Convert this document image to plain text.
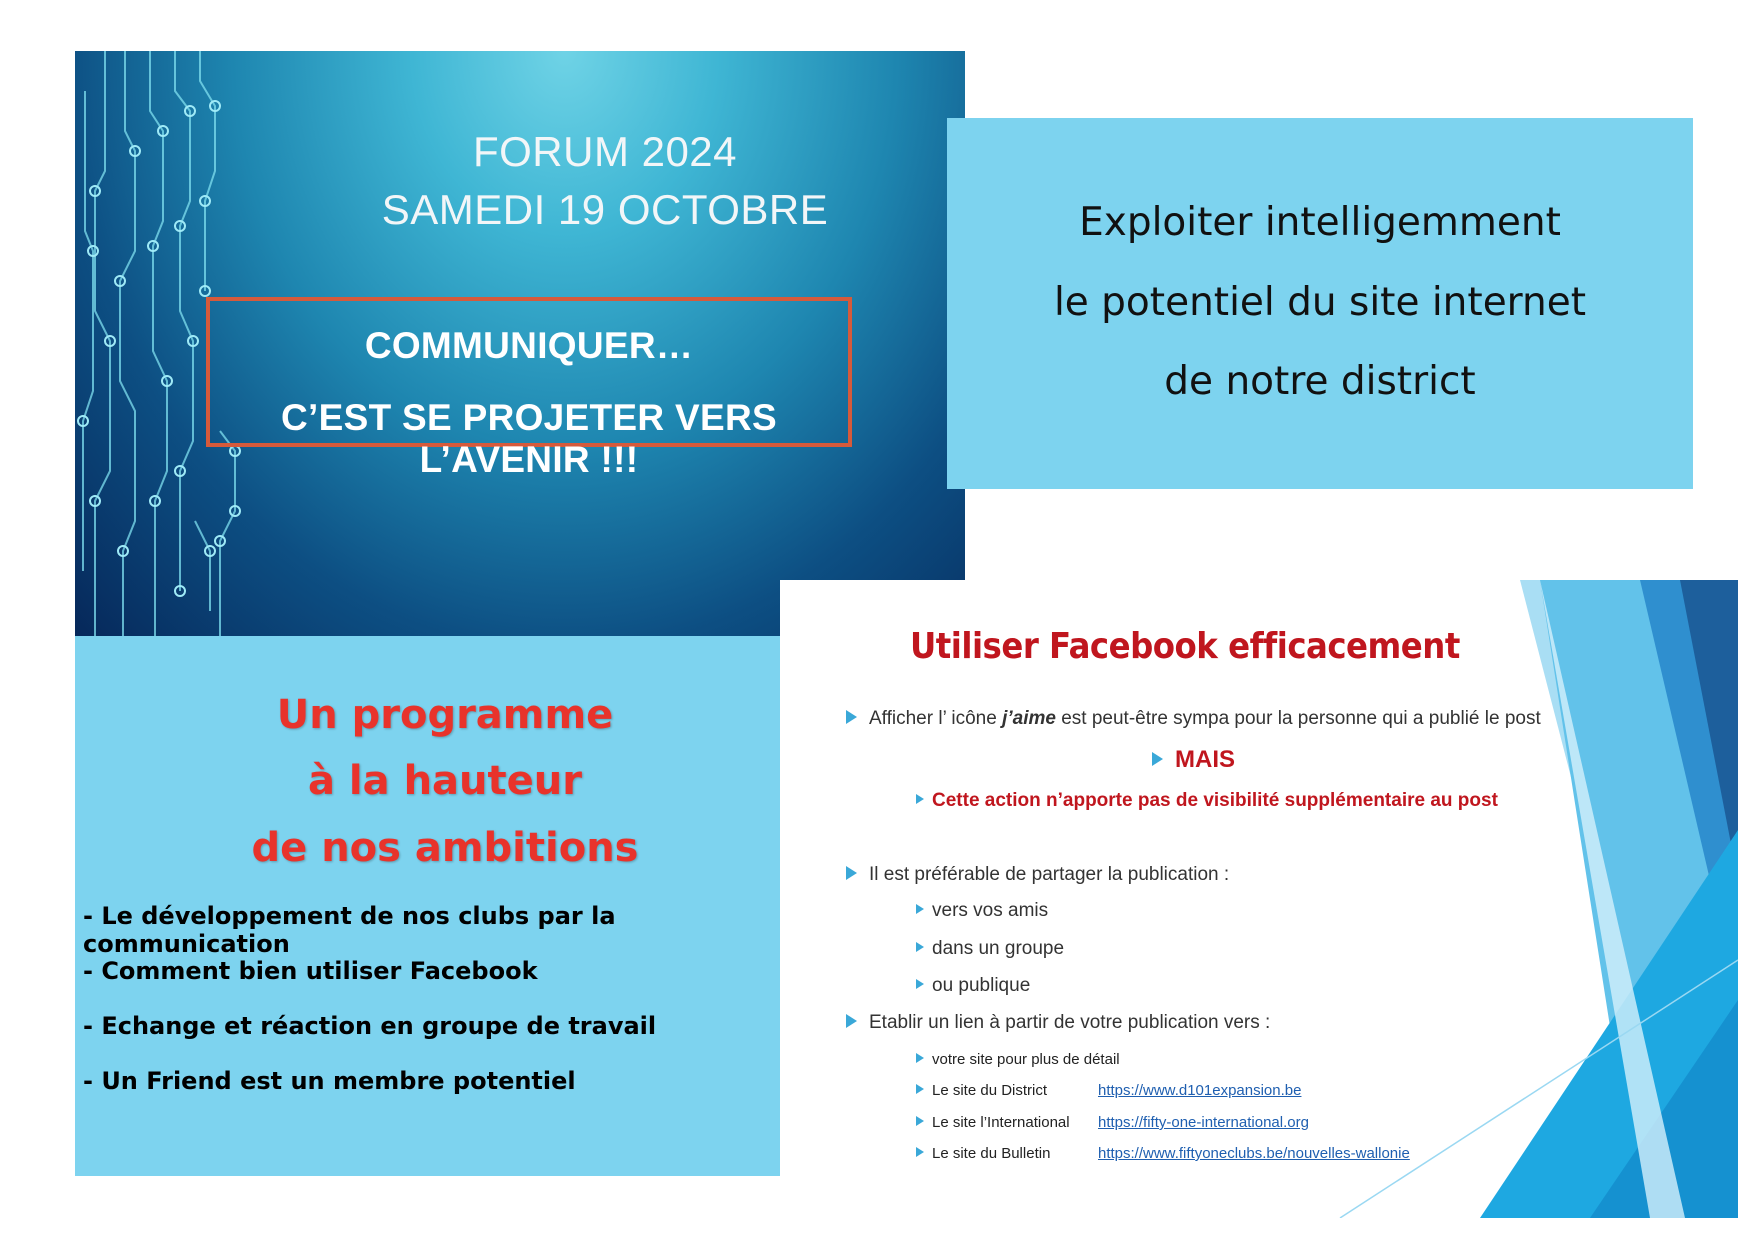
FORUM 2024
SAMEDI 19 OCTOBRE
COMMUNIQUER…
C’EST SE PROJETER VERS L’AVENIR !!!
Exploiter intelligemment
le potentiel du site internet
de notre district
Un programme
à la hauteur
de nos ambitions
- Le développement de nos clubs par la communication
- Comment bien utiliser Facebook
- Echange et réaction en groupe de travail
- Un Friend est un membre potentiel
Utiliser Facebook efficacement
Afficher l’ icône j’aime est peut-être sympa pour la personne qui a publié le post
MAIS
Cette action n’apporte pas de visibilité supplémentaire au post
Il est préférable de partager la publication :
vers vos amis
dans un groupe
ou publique
Etablir un lien à partir de votre publication vers :
votre site pour plus de détail
Le site du District	https://www.d101expansion.be
Le site l’International https://fifty-one-international.org
Le site du Bulletin	https://www.fiftyoneclubs.be/nouvelles-wallonie
